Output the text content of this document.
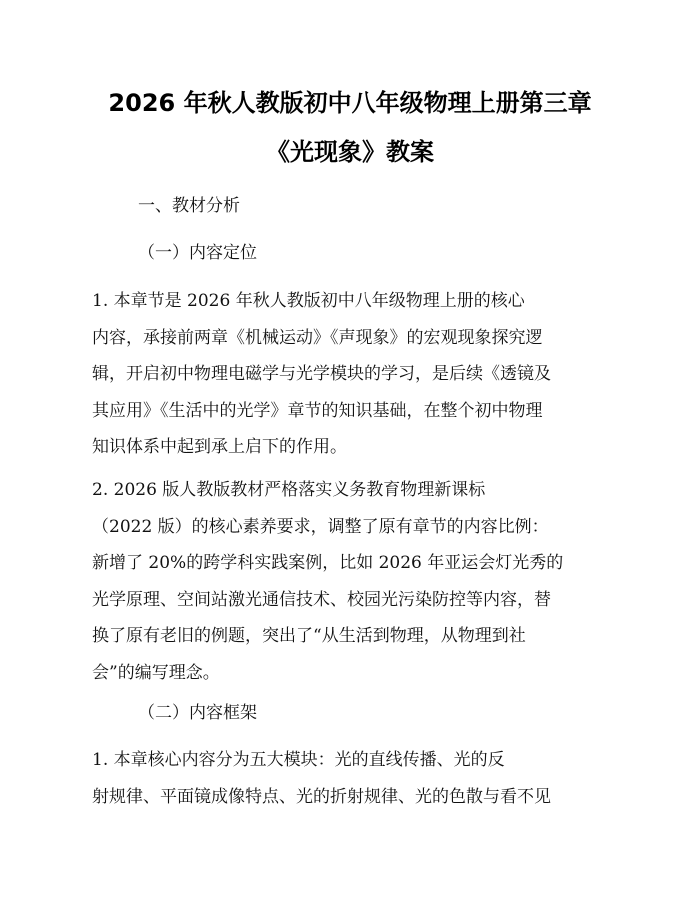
2026 年秋人教版初中八年级物理上册第三章
《光现象》教案
一、教材分析
（一）内容定位
1. 本章节是 2026 年秋人教版初中八年级物理上册的核心
内容，承接前两章《机械运动》《声现象》的宏观现象探究逻
辑，开启初中物理电磁学与光学模块的学习，是后续《透镜及
其应用》《生活中的光学》章节的知识基础，在整个初中物理
知识体系中起到承上启下的作用。
2. 2026 版人教版教材严格落实义务教育物理新课标
（2022 版）的核心素养要求，调整了原有章节的内容比例：
新增了 20%的跨学科实践案例，比如 2026 年亚运会灯光秀的
光学原理、空间站激光通信技术、校园光污染防控等内容，替
换了原有老旧的例题，突出了“从生活到物理，从物理到社
会”的编写理念。
（二）内容框架
1. 本章核心内容分为五大模块：光的直线传播、光的反
射规律、平面镜成像特点、光的折射规律、光的色散与看不见
